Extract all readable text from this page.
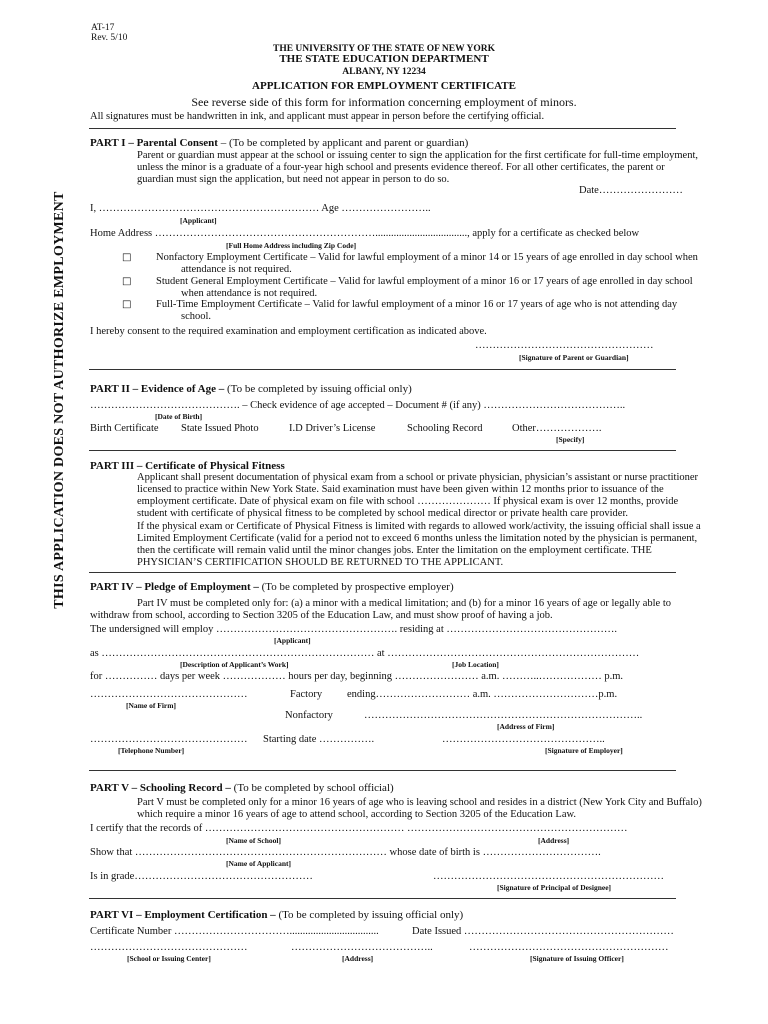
AT-17
Rev. 5/10
THE UNIVERSITY OF THE STATE OF NEW YORK
THE STATE EDUCATION DEPARTMENT
ALBANY, NY 12234
APPLICATION FOR EMPLOYMENT CERTIFICATE
See reverse side of this form for information concerning employment of minors.
All signatures must be handwritten in ink, and applicant must appear in person before the certifying official.
THIS APPLICATION DOES NOT AUTHORIZE EMPLOYMENT
PART I – Parental Consent – (To be completed by applicant and parent or guardian)
Parent or guardian must appear at the school or issuing center to sign the application for the first certificate for full-time employment,
unless the minor is a graduate of a four-year high school and presents evidence thereof. For all other certificates, the parent or
guardian must sign the application, but need not appear in person to do so.
Date……………………
I, ……………………………………………………… Age ……………………..
[Applicant]
Home Address ………………………………………………………..................................., apply for a certificate as checked below
[Full Home Address including Zip Code]
□ Nonfactory Employment Certificate – Valid for lawful employment of a minor 14 or 15 years of age enrolled in day school when
attendance is not required.
□ Student General Employment Certificate – Valid for lawful employment of a minor 16 or 17 years of age enrolled in day school
when attendance is not required.
□ Full-Time Employment Certificate – Valid for lawful employment of a minor 16 or 17 years of age who is not attending day
school.
I hereby consent to the required examination and employment certification as indicated above.
……………………………………………
[Signature of Parent or Guardian]
PART II – Evidence of Age – (To be completed by issuing official only)
……………………………………. – Check evidence of age accepted – Document # (if any) …………………………………..
[Date of Birth]
Birth Certificate State Issued Photo	I.D Driver’s License	Schooling Record	Other……………….
[Specify]
PART III – Certificate of Physical Fitness
Applicant shall present documentation of physical exam from a school or private physician, physician’s assistant or nurse practitioner
licensed to practice within New York State. Said examination must have been given within 12 months prior to issuance of the
employment certificate. Date of physical exam on file with school ………………… If physical exam is over 12 months, provide
student with certificate of physical fitness to be completed by school medical director or private health care provider.
If the physical exam or Certificate of Physical Fitness is limited with regards to allowed work/activity, the issuing official shall issue a
Limited Employment Certificate (valid for a period not to exceed 6 months unless the limitation noted by the physician is permanent,
then the certificate will remain valid until the minor changes jobs. Enter the limitation on the employment certificate. THE
PHYSICIAN’S CERTIFICATION SHOULD BE RETURNED TO THE APPLICANT.
PART IV – Pledge of Employment – (To be completed by prospective employer)
Part IV must be completed only for: (a) a minor with a medical limitation; and (b) for a minor 16 years of age or legally able to
withdraw from school, according to Section 3205 of the Education Law, and must show proof of having a job.
The undersigned will employ ……………………………………………. residing at ………………………………………….
[Applicant]
as …………………………………………………………………… at ………………………………………………………………
[Description of Applicant’s Work]	[Job Location]
for …………… days per week ……………… hours per day, beginning …………………… a.m. ………..……………… p.m.
………………………………………	Factory ending……………………… a.m. …………………………p.m.
[Name of Firm]
Nonfactory	……………………………………………………………………..
[Address of Firm]
……………………………………… Starting date …………….	………………………………………..
[Telephone Number]	[Signature of Employer]
PART V – Schooling Record – (To be completed by school official)
Part V must be completed only for a minor 16 years of age who is leaving school and resides in a district (New York City and Buffalo)
which require a minor 16 years of age to attend school, according to Section 3205 of the Education Law.
I certify that the records of ………………………………………………… ………………………………………………………
[Name of School]	[Address]
Show that ……………………………………………………………… whose date of birth is …………………………….
[Name of Applicant]
Is in grade……………………………………………	…………………………………………………………
[Signature of Principal of Designee]
PART VI – Employment Certification – (To be completed by issuing official only)
Certificate Number ……………………………..................................	Date Issued ……………………………………………………
………………………………………	…………………………………..	…………………………………………………
[School or Issuing Center]	[Address]	[Signature of Issuing Officer]
